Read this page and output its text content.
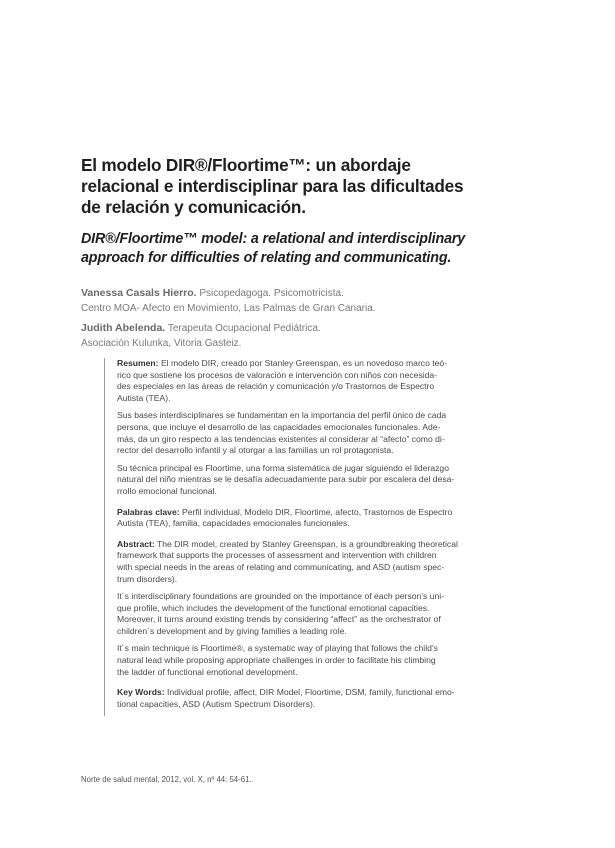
El modelo DIR®/Floortime™: un abordaje
relacional e interdisciplinar para las dificultades
de relación y comunicación.
DIR®/Floortime™ model: a relational and interdisciplinary
approach for difficulties of relating and communicating.
Vanessa Casals Hierro. Psicopedagoga. Psicomotricista.
Centro MOA- Afecto en Movimiento, Las Palmas de Gran Canaria.
Judith Abelenda. Terapeuta Ocupacional Pediátrica.
Asociación Kulunka, Vitoria Gasteiz.

Resumen: El modelo DIR, creado por Stanley Greenspan, es un novedoso marco teó-
rico que sostiene los procesos de valoración e intervención con niños con necesida-
des especiales en las áreas de relación y comunicación y/o Trastornos de Espectro
Autista (TEA).

Sus bases interdisciplinares se fundamentan en la importancia del perfil único de cada
persona, que incluye el desarrollo de las capacidades emocionales funcionales. Ade-
más, da un giro respecto a las tendencias existentes al considerar al “afecto” como di-
rector del desarrollo infantil y al otorgar a las familias un rol protagonista.

Su técnica principal es Floortime, una forma sistemática de jugar siguiendo el liderazgo
natural del niño mientras se le desafía adecuadamente para subir por escalera del desa-
rrollo emocional funcional.

Palabras clave: Perfil individual, Modelo DIR, Floortime, afecto, Trastornos de Espectro
Autista (TEA), familia, capacidades emocionales funcionales.

Abstract: The DIR model, created by Stanley Greenspan, is a groundbreaking theoretical
framework that supports the processes of assessment and intervention with children
with special needs in the areas of relating and communicating, and ASD (autism spec-
trum disorders).

It´s interdisciplinary foundations are grounded on the importance of each person’s uni-
que profile, which includes the development of the functional emotional capacities.
Moreover, it turns around existing trends by considering “affect” as the orchestrator of
children´s development and by giving families a leading role.

It´s main technique is Floortime®, a systematic way of playing that follows the child’s
natural lead while proposing appropriate challenges in order to facilitate his climbing
the ladder of functional emotional development.

Key Words: Individual profile, affect, DIR Model, Floortime, DSM, family, functional emo-
tional capacities, ASD (Autism Spectrum Disorders).

Norte de salud mental, 2012, vol. X, nº 44: 54-61.
